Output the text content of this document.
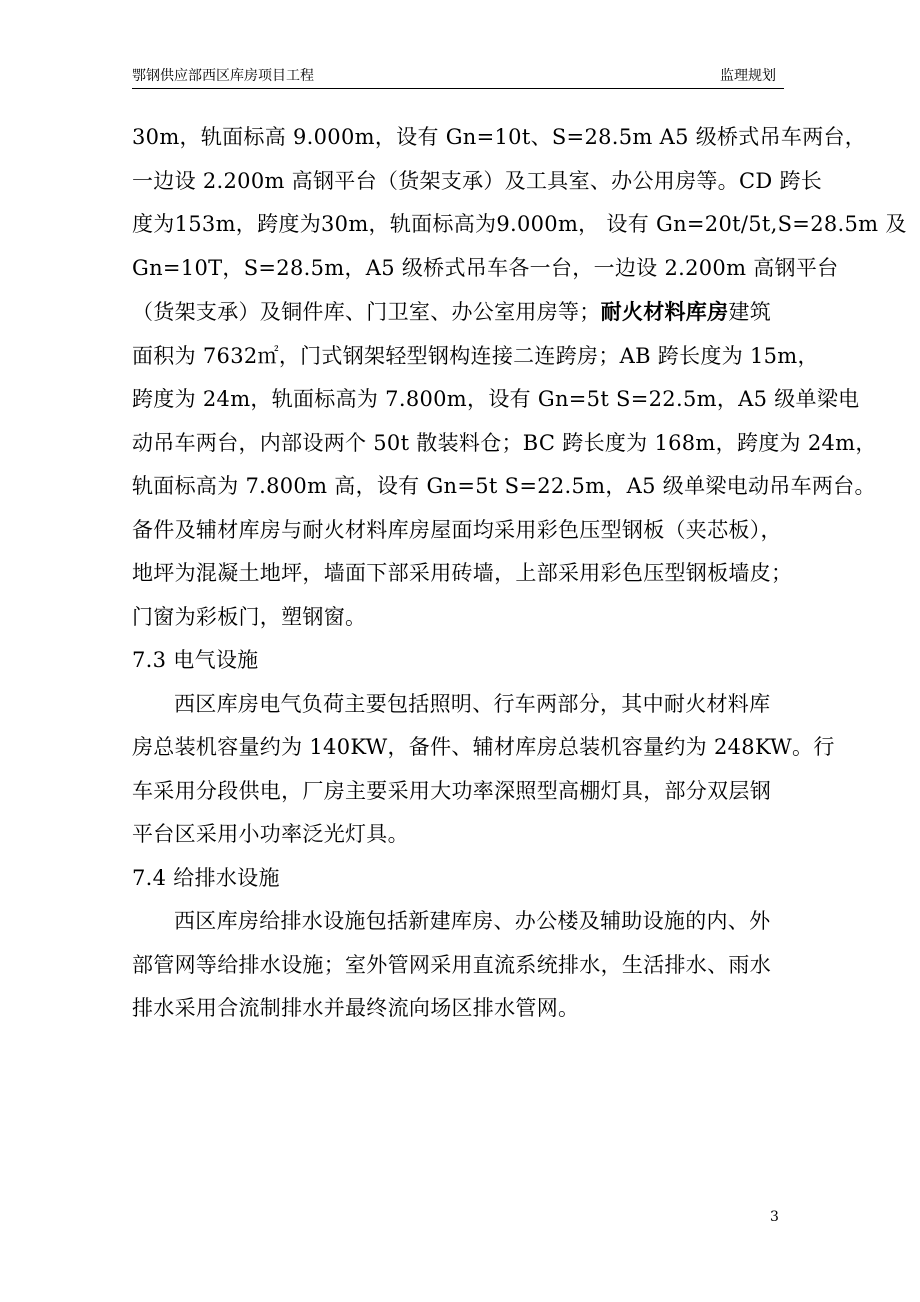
鄂钢供应部西区库房项目工程	监理规划

30m，轨面标高 9.000m，设有 Gn=10t、S=28.5m A5 级桥式吊车两台，
一边设 2.200m 高钢平台（货架支承）及工具室、办公用房等。CD 跨长
度为153m，跨度为30m，轨面标高为9.000m， 设有 Gn=20t/5t,S=28.5m 及
Gn=10T，S=28.5m，A5 级桥式吊车各一台，一边设 2.200m 高钢平台
（货架支承）及铜件库、门卫室、办公室用房等；耐火材料库房建筑
面积为 7632㎡，门式钢架轻型钢构连接二连跨房；AB 跨长度为 15m，
跨度为 24m，轨面标高为 7.800m，设有 Gn=5t S=22.5m，A5 级单梁电
动吊车两台，内部设两个 50t 散装料仓；BC 跨长度为 168m，跨度为 24m，
轨面标高为 7.800m 高，设有 Gn=5t S=22.5m，A5 级单梁电动吊车两台。
备件及辅材库房与耐火材料库房屋面均采用彩色压型钢板（夹芯板），
地坪为混凝土地坪，墙面下部采用砖墙，上部采用彩色压型钢板墙皮；
门窗为彩板门，塑钢窗。

7.3 电气设施

西区库房电气负荷主要包括照明、行车两部分，其中耐火材料库
房总装机容量约为 140KW，备件、辅材库房总装机容量约为 248KW。行
车采用分段供电，厂房主要采用大功率深照型高棚灯具，部分双层钢
平台区采用小功率泛光灯具。

7.4 给排水设施

西区库房给排水设施包括新建库房、办公楼及辅助设施的内、外
部管网等给排水设施；室外管网采用直流系统排水，生活排水、雨水
排水采用合流制排水并最终流向场区排水管网。

3
